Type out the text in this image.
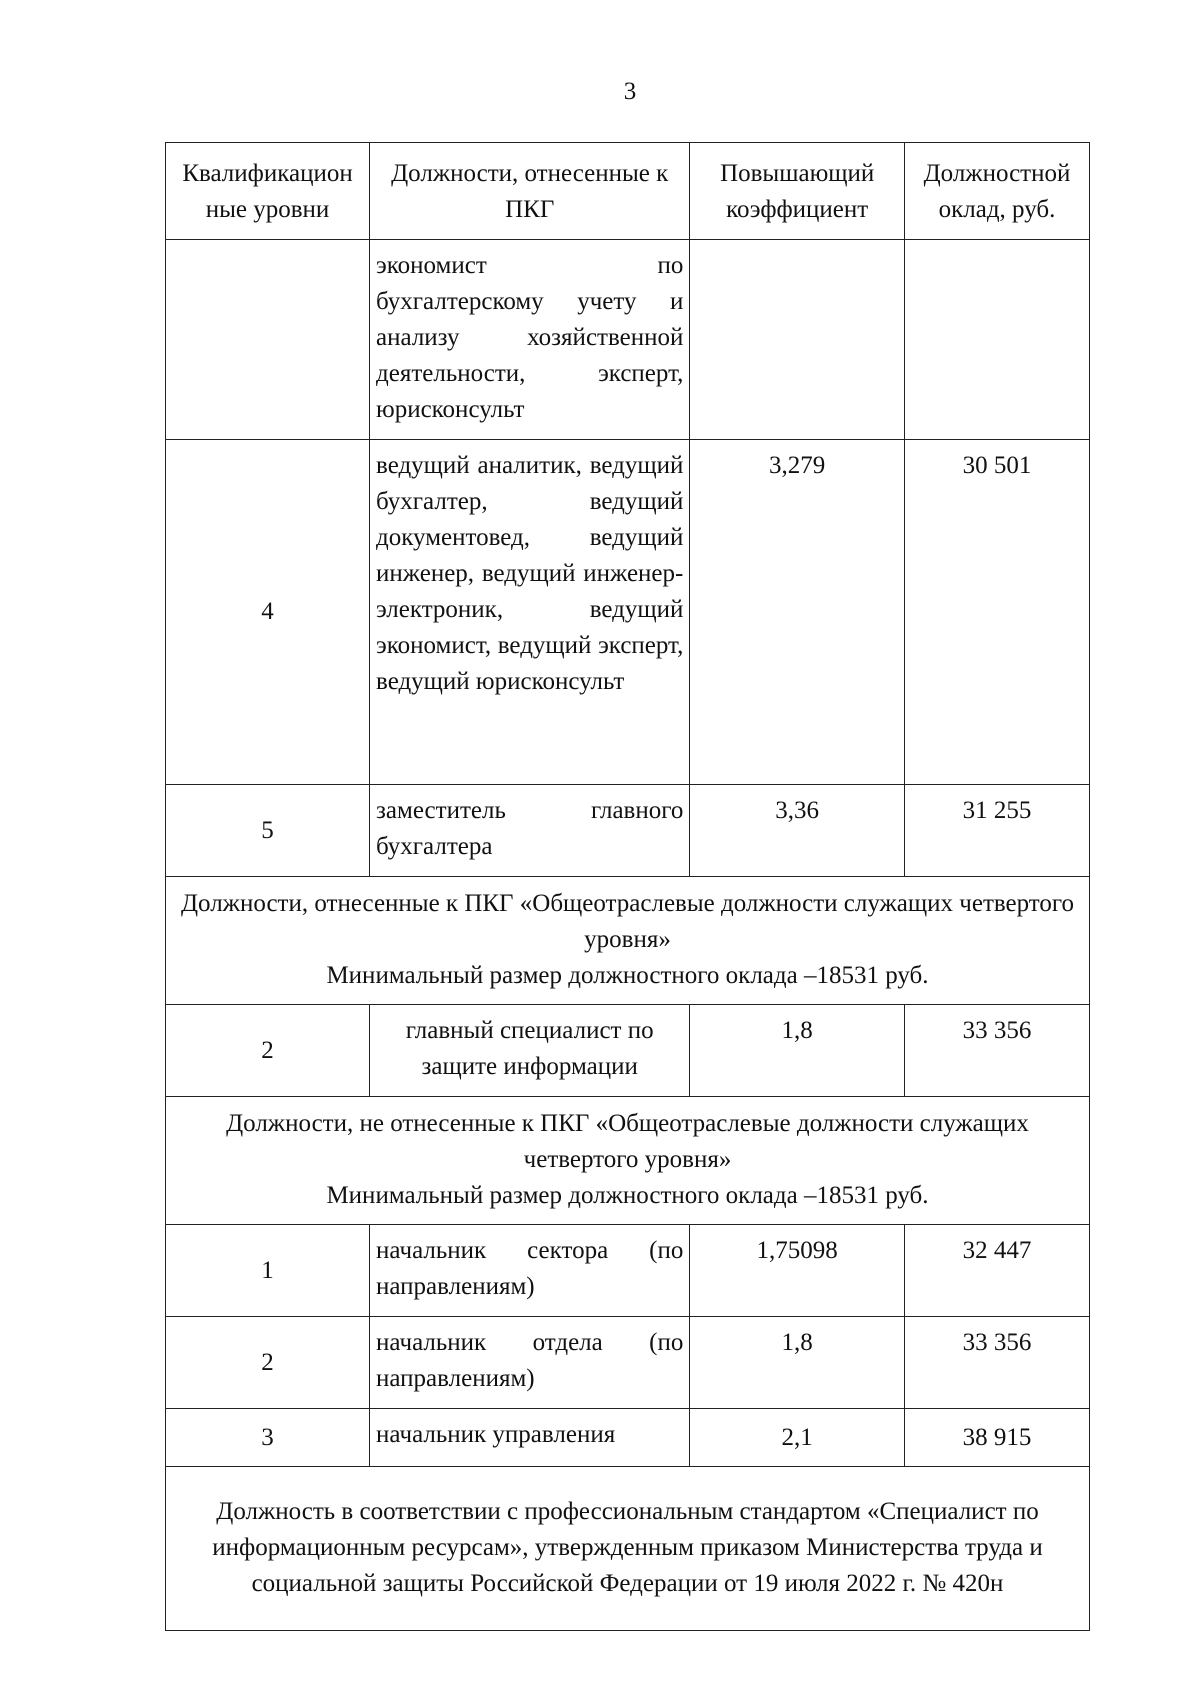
3
Квалификацион ные уровни	Должности, отнесенные к ПКГ	Повышающий коэффициент	Должностной оклад, руб.
	экономист по бухгалтерскому учету и анализу хозяйственной деятельности, эксперт, юрисконсульт		
4	ведущий аналитик, ведущий бухгалтер, ведущий документовед, ведущий инженер, ведущий инженер-электроник, ведущий экономист, ведущий эксперт, ведущий юрисконсульт	3,279	30 501
5	заместитель главного бухгалтера	3,36	31 255

Должности, отнесенные к ПКГ «Общеотраслевые должности служащих четвертого уровня»
Минимальный размер должностного оклада –18531 руб.			

2	главный специалист по защите информации	1,8	33 356

Должности, не отнесенные к ПКГ «Общеотраслевые должности служащих четвертого уровня»
Минимальный размер должностного оклада –18531 руб.			

1	начальник сектора (по направлениям)	1,75098	32 447
2	начальник отдела (по направлениям)	1,8	33 356
3	начальник управления	2,1	38 915

Должность в соответствии с профессиональным стандартом «Специалист по информационным ресурсам», утвержденным приказом Министерства труда и социальной защиты Российской Федерации от 19 июля 2022 г. № 420н			
